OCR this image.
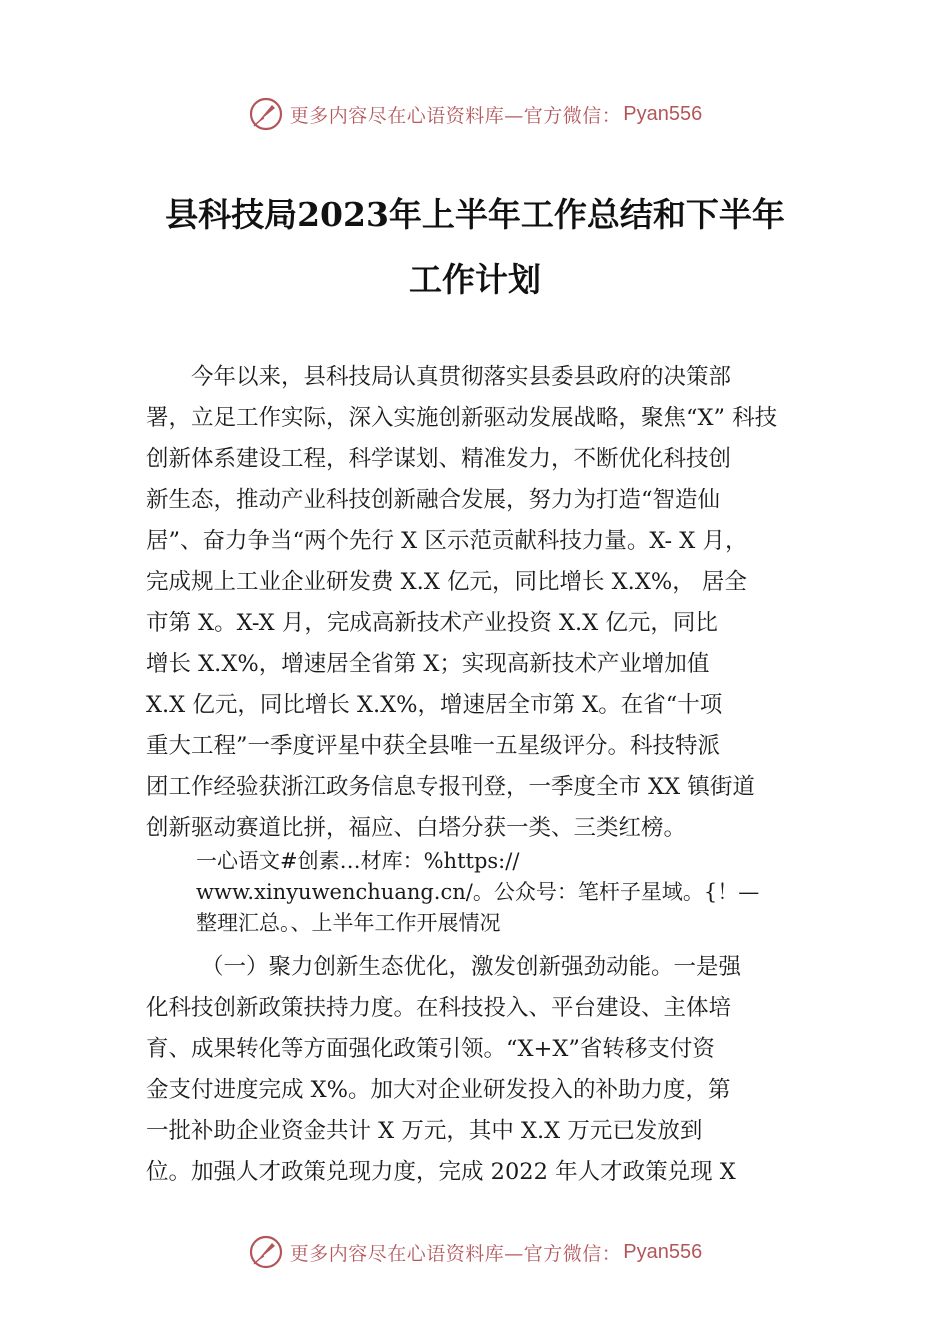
更多内容尽在心语资料库—官方微信： Pyan556
县科技局2023年上半年工作总结和下半年
工作计划
今年以来，县科技局认真贯彻落实县委县政府的决策部
署，立足工作实际，深入实施创新驱动发展战略，聚焦“X” 科技
创新体系建设工程，科学谋划、精准发力，不断优化科技创
新生态，推动产业科技创新融合发展，努力为打造“智造仙
居”、奋力争当“两个先行 X 区示范贡献科技力量。X- X 月，
完成规上工业企业研发费 X.X 亿元，同比增长 X.X%， 居全
市第 X。X-X 月，完成高新技术产业投资 X.X 亿元，同比
增长 X.X%，增速居全省第 X；实现高新技术产业增加值
X.X 亿元，同比增长 X.X%，增速居全市第 X。在省“十项
重大工程”一季度评星中获全县唯一五星级评分。科技特派
团工作经验获浙江政务信息专报刊登，一季度全市 XX 镇街道
创新驱动赛道比拼，福应、白塔分获一类、三类红榜。
一心语文#创素…材库：%https://
www.xinyuwenchuang.cn/。公众号：笔杆子星域。{！—
整理汇总。、上半年工作开展情况
（一）聚力创新生态优化，激发创新强劲动能。一是强
化科技创新政策扶持力度。在科技投入、平台建设、主体培
育、成果转化等方面强化政策引领。“X+X”省转移支付资
金支付进度完成 X%。加大对企业研发投入的补助力度，第
一批补助企业资金共计 X 万元，其中 X.X 万元已发放到
位。加强人才政策兑现力度，完成 2022 年人才政策兑现 X
更多内容尽在心语资料库—官方微信： Pyan556
